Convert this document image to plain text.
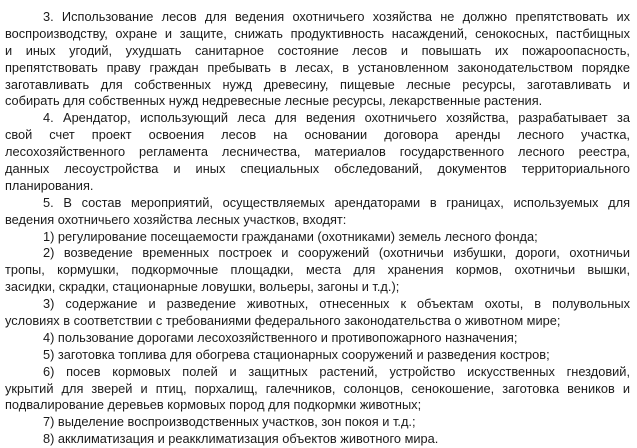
3. Использование лесов для ведения охотничьего хозяйства не должно препятствовать их
воспроизводству, охране и защите, снижать продуктивность насаждений, сенокосных, пастбищных
и иных угодий, ухудшать санитарное состояние лесов и повышать их пожароопасность,
препятствовать праву граждан пребывать в лесах, в установленном законодательством порядке
заготавливать для собственных нужд древесину, пищевые лесные ресурсы, заготавливать и
собирать для собственных нужд недревесные лесные ресурсы, лекарственные растения.
4. Арендатор, использующий леса для ведения охотничьего хозяйства, разрабатывает за
свой счет проект освоения лесов на основании договора аренды лесного участка,
лесохозяйственного регламента лесничества, материалов государственного лесного реестра,
данных лесоустройства и иных специальных обследований, документов территориального
планирования.
5. В состав мероприятий, осуществляемых арендаторами в границах, используемых для
ведения охотничьего хозяйства лесных участков, входят:
1) регулирование посещаемости гражданами (охотниками) земель лесного фонда;
2) возведение временных построек и сооружений (охотничьи избушки, дороги, охотничьи
тропы, кормушки, подкормочные площадки, места для хранения кормов, охотничьи вышки,
засидки, скрадки, стационарные ловушки, вольеры, загоны и т.д.);
3) содержание и разведение животных, отнесенных к объектам охоты, в полувольных
условиях в соответствии с требованиями федерального законодательства о животном мире;
4) пользование дорогами лесохозяйственного и противопожарного назначения;
5) заготовка топлива для обогрева стационарных сооружений и разведения костров;
6) посев кормовых полей и защитных растений, устройство искусственных гнездовий,
укрытий для зверей и птиц, порхалищ, галечников, солонцов, сенокошение, заготовка веников и
подвалирование деревьев кормовых пород для подкормки животных;
7) выделение воспроизводственных участков, зон покоя и т.д.;
8) акклиматизация и реакклиматизация объектов животного мира.
